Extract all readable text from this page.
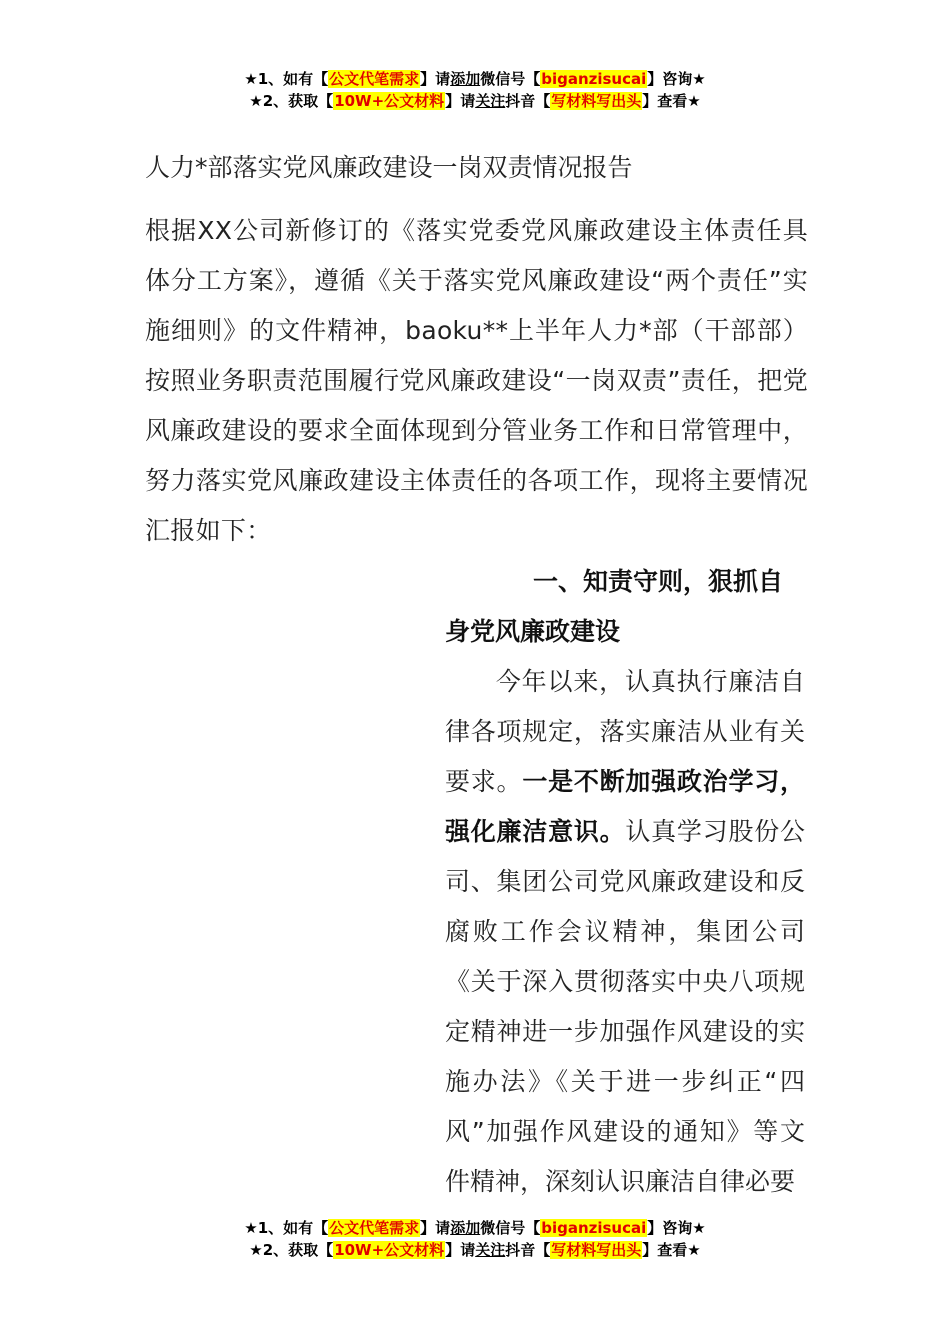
★1、如有【公文代笔需求】请添加微信号【biganzisucai】咨询★
★2、获取【10W+公文材料】请关注抖音【写材料写出头】查看★
人力*部落实党风廉政建设一岗双责情况报告
根据XX公司新修订的《落实党委党风廉政建设主体责任具体分工方案》，遵循《关于落实党风廉政建设“两个责任”实施细则》的文件精神，baoku**上半年人力*部（干部部）按照业务职责范围履行党风廉政建设“一岗双责”责任，把党风廉政建设的要求全面体现到分管业务工作和日常管理中，努力落实党风廉政建设主体责任的各项工作，现将主要情况汇报如下：
一、知责守则，狠抓自身党风廉政建设
今年以来，认真执行廉洁自律各项规定，落实廉洁从业有关要求。一是不断加强政治学习，强化廉洁意识。认真学习股份公司、集团公司党风廉政建设和反腐败工作会议精神，集团公司《关于深入贯彻落实中央八项规定精神进一步加强作风建设的实施办法》《关于进一步纠正“四风”加强作风建设的通知》等文件精神，深刻认识廉洁自律必要
★1、如有【公文代笔需求】请添加微信号【biganzisucai】咨询★
★2、获取【10W+公文材料】请关注抖音【写材料写出头】查看★
